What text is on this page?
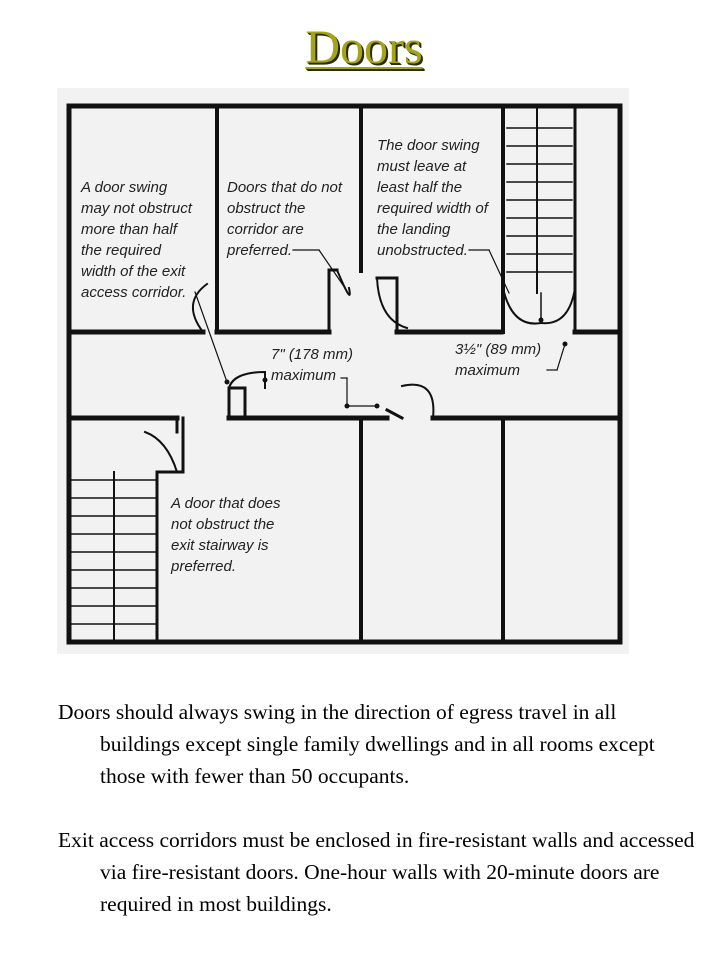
Doors
A door swing may not obstruct more than half the required width of the exit access corridor.
Doors that do not obstruct the corridor are preferred.
The door swing must leave at least half the required width of the landing unobstructed.
7" (178 mm) maximum
3½" (89 mm) maximum
A door that does not obstruct the exit stairway is preferred.

Doors should always swing in the direction of egress travel in all buildings except single family dwellings and in all rooms except those with fewer than 50 occupants.

Exit access corridors must be enclosed in fire-resistant walls and accessed via fire-resistant doors. One-hour walls with 20-minute doors are required in most buildings.
